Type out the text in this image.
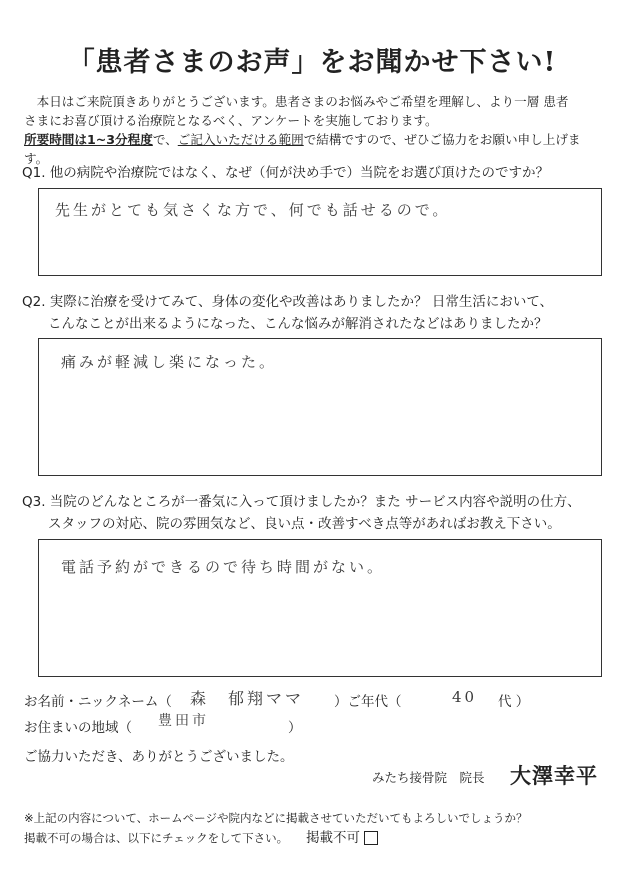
「患者さまのお声」をお聞かせ下さい!
本日はご来院頂きありがとうございます。患者さまのお悩みやご希望を理解し、より一層 患者
さまにお喜び頂ける治療院となるべく、アンケートを実施しております。
所要時間は1~3分程度で、ご記入いただける範囲で結構ですので、ぜひご協力をお願い申し上げます。
Q1. 他の病院や治療院ではなく、なぜ（何が決め手で）当院をお選び頂けたのですか？
先生がとても気さくな方で、何でも話せるので。
Q2. 実際に治療を受けてみて、身体の変化や改善はありましたか？ 日常生活において、
こんなことが出来るようになった、こんな悩みが解消されたなどはありましたか？
痛みが軽減し楽になった。
Q3. 当院のどんなところが一番気に入って頂けましたか？また サービス内容や説明の仕方、
スタッフの対応、院の雰囲気など、良い点・改善すべき点等があればお教え下さい。
電話予約ができるので待ち時間がない。
お名前・ニックネーム（ 森　郁翔ママ ）ご年代（	40 代 ）
お住まいの地域（ 豊田市	）
ご協力いただき、ありがとうございました。
みたち接骨院　院長 大澤幸平
※上記の内容について、ホームページや院内などに掲載させていただいてもよろしいでしょうか？
掲載不可の場合は、以下にチェックをして下さい。 掲載不可
